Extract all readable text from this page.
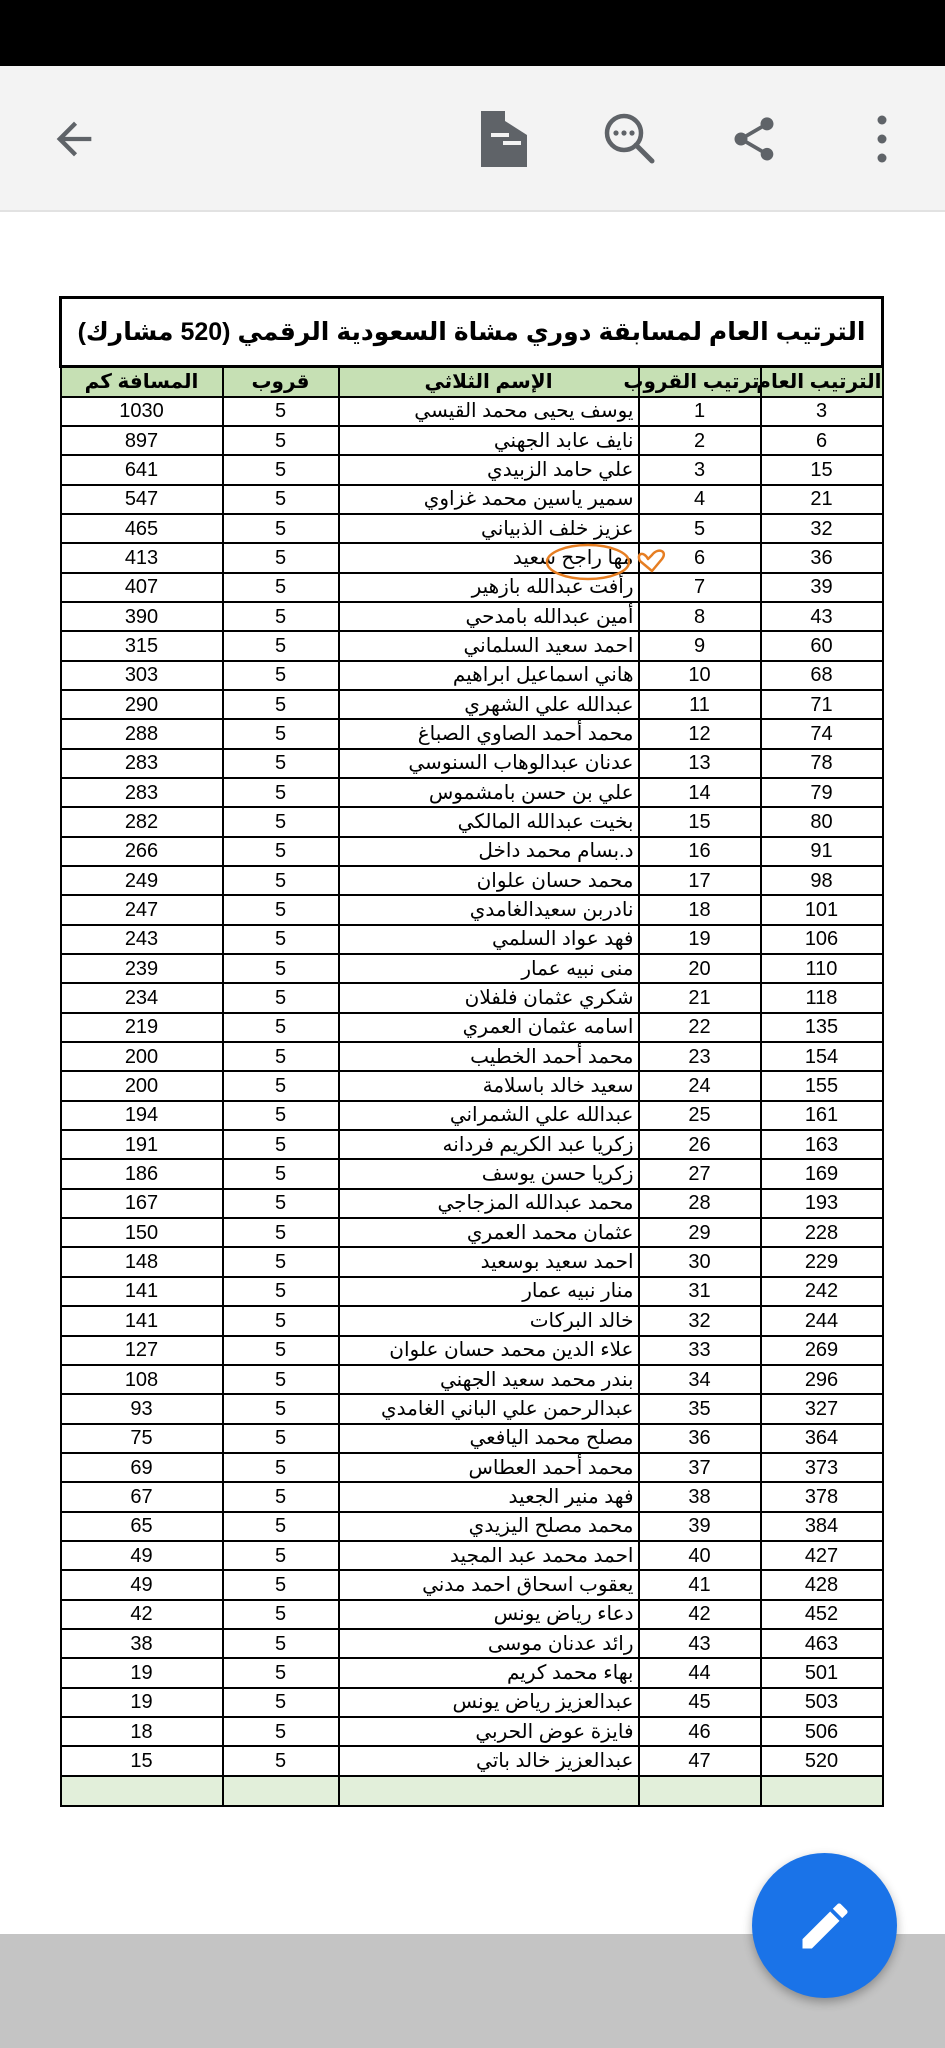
الترتيب العام لمسابقة دوري مشاة السعودية الرقمي (520 مشارك)				
الترتيب العام	ترتيب القروب	الإسم الثلاثي	قروب	المسافة كم
3	1	يوسف يحيى محمد القيسي	5	1030
6	2	نايف عابد الجهني	5	897
15	3	علي حامد الزبيدي	5	641
21	4	سمير ياسين محمد غزاوي	5	547
32	5	عزيز خلف الذبياني	5	465
36	6	مها راجح سعيد	5	413
39	7	رأفت عبدالله بازهير	5	407
43	8	أمين عبدالله بامدحي	5	390
60	9	احمد سعيد السلماني	5	315
68	10	هاني اسماعيل ابراهيم	5	303
71	11	عبدالله علي الشهري	5	290
74	12	محمد أحمد الصاوي الصباغ	5	288
78	13	عدنان عبدالوهاب السنوسي	5	283
79	14	علي بن حسن بامشموس	5	283
80	15	بخيت عبدالله المالكي	5	282
91	16	د.بسام محمد داخل	5	266
98	17	محمد حسان علوان	5	249
101	18	نادربن سعيدالغامدي	5	247
106	19	فهد عواد السلمي	5	243
110	20	منى نبيه عمار	5	239
118	21	شكري عثمان فلفلان	5	234
135	22	اسامه عثمان العمري	5	219
154	23	محمد أحمد الخطيب	5	200
155	24	سعيد خالد باسلامة	5	200
161	25	عبدالله علي الشمراني	5	194
163	26	زكريا عبد الكريم فردانه	5	191
169	27	زكريا حسن يوسف	5	186
193	28	محمد عبدالله المزجاجي	5	167
228	29	عثمان محمد العمري	5	150
229	30	احمد سعيد بوسعيد	5	148
242	31	منار نبيه عمار	5	141
244	32	خالد البركات	5	141
269	33	علاء الدين محمد حسان علوان	5	127
296	34	بندر محمد سعيد الجهني	5	108
327	35	عبدالرحمن علي الباني الغامدي	5	93
364	36	مصلح محمد اليافعي	5	75
373	37	محمد أحمد العطاس	5	69
378	38	فهد منير الجعيد	5	67
384	39	محمد مصلح اليزيدي	5	65
427	40	احمد محمد عبد المجيد	5	49
428	41	يعقوب اسحاق احمد مدني	5	49
452	42	دعاء رياض يونس	5	42
463	43	رائد عدنان موسى	5	38
501	44	بهاء محمد كريم	5	19
503	45	عبدالعزيز رياض يونس	5	19
506	46	فايزة عوض الحربي	5	18
520	47	عبدالعزيز خالد باتي	5	15
